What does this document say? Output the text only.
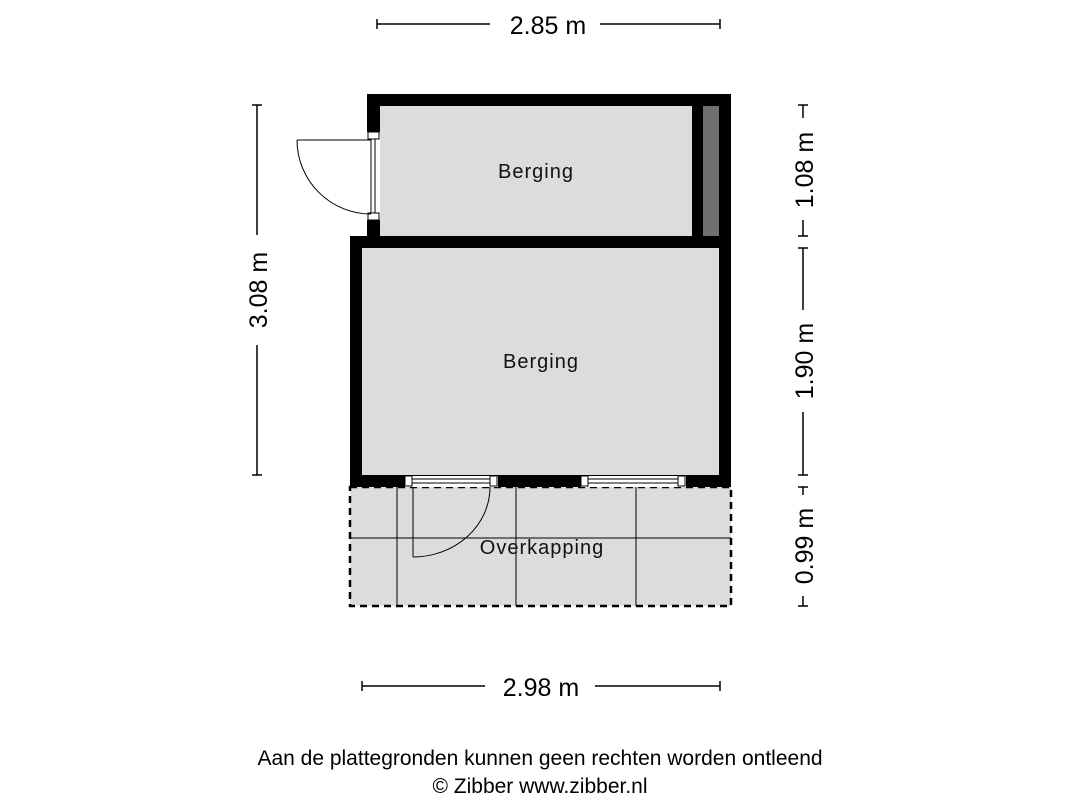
Berging
Berging
Overkapping
2.85 m
2.98 m
3.08 m
1.08 m
1.90 m
0.99 m
Aan de plattegronden kunnen geen rechten worden ontleend
© Zibber www.zibber.nl
